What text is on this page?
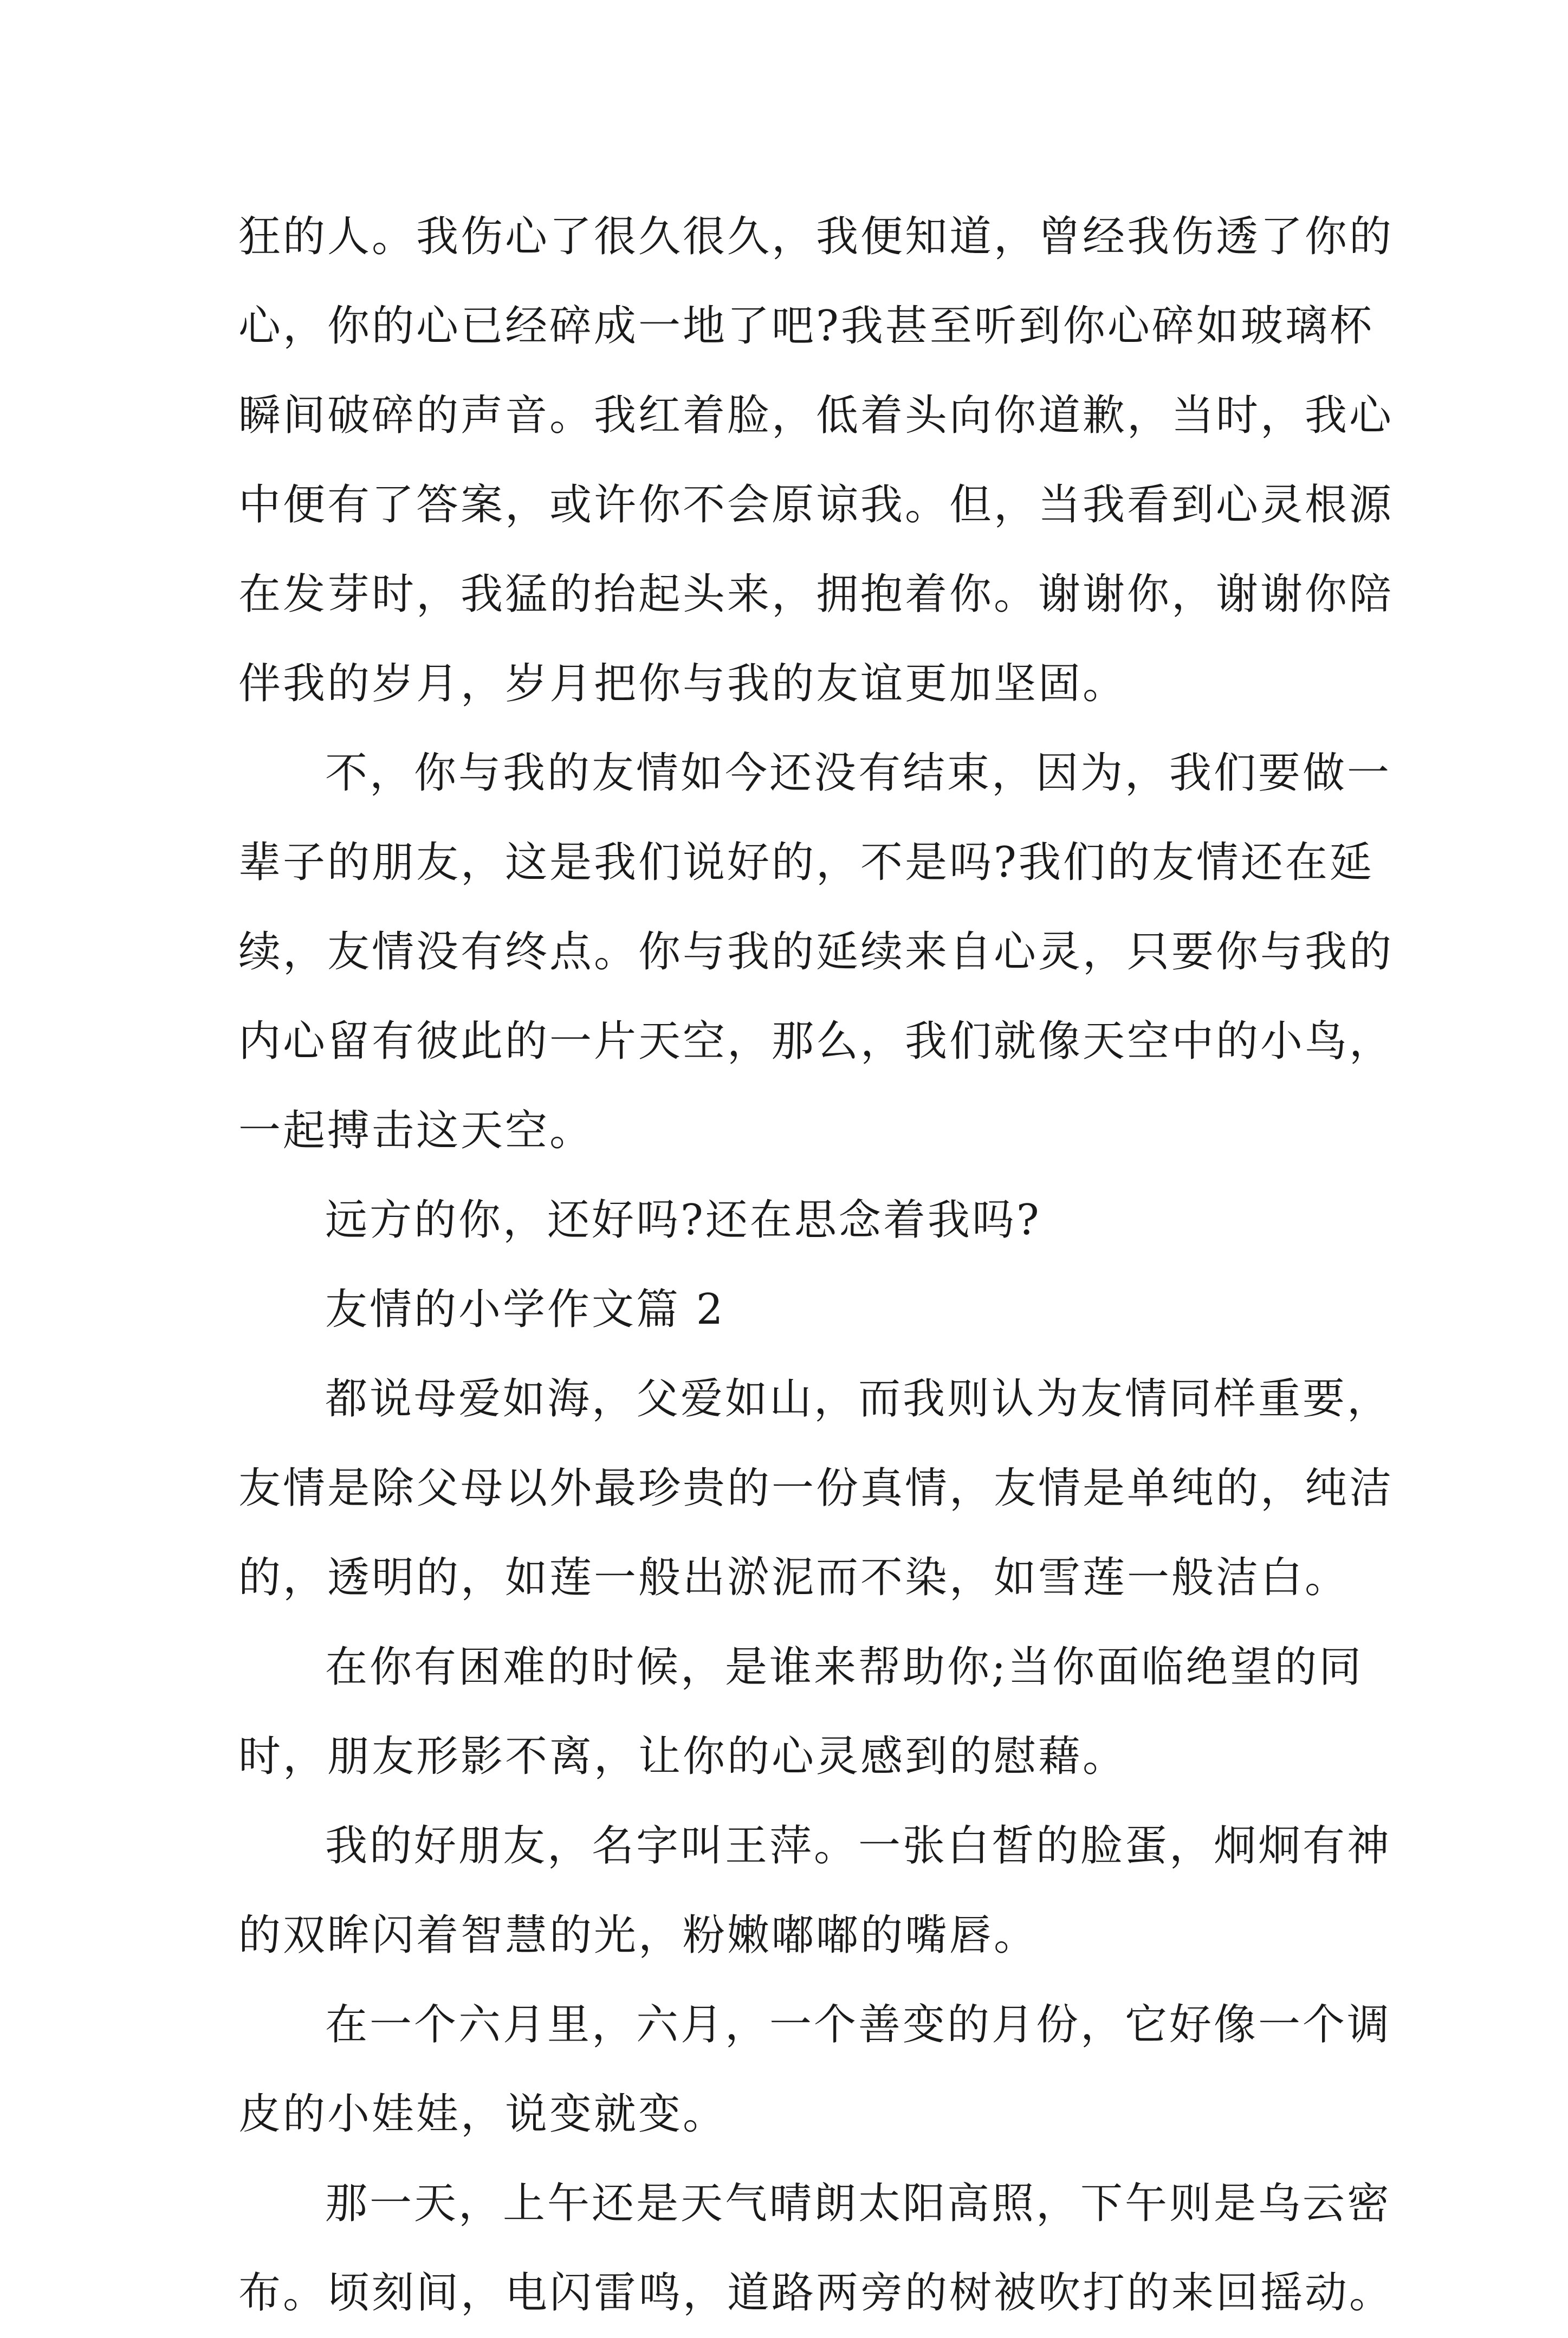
狂的人。我伤心了很久很久，我便知道，曾经我伤透了你的
心，你的心已经碎成一地了吧?我甚至听到你心碎如玻璃杯
瞬间破碎的声音。我红着脸，低着头向你道歉，当时，我心
中便有了答案，或许你不会原谅我。但，当我看到心灵根源
在发芽时，我猛的抬起头来，拥抱着你。谢谢你，谢谢你陪
伴我的岁月，岁月把你与我的友谊更加坚固。
不，你与我的友情如今还没有结束，因为，我们要做一
辈子的朋友，这是我们说好的，不是吗?我们的友情还在延
续，友情没有终点。你与我的延续来自心灵，只要你与我的
内心留有彼此的一片天空，那么，我们就像天空中的小鸟，
一起搏击这天空。
远方的你，还好吗?还在思念着我吗?
友情的小学作文篇 2
都说母爱如海，父爱如山，而我则认为友情同样重要，
友情是除父母以外最珍贵的一份真情，友情是单纯的，纯洁
的，透明的，如莲一般出淤泥而不染，如雪莲一般洁白。
在你有困难的时候，是谁来帮助你;当你面临绝望的同
时，朋友形影不离，让你的心灵感到的慰藉。
我的好朋友，名字叫王萍。一张白皙的脸蛋，炯炯有神
的双眸闪着智慧的光，粉嫩嘟嘟的嘴唇。
在一个六月里，六月，一个善变的月份，它好像一个调
皮的小娃娃，说变就变。
那一天，上午还是天气晴朗太阳高照，下午则是乌云密
布。顷刻间，电闪雷鸣，道路两旁的树被吹打的来回摇动。
